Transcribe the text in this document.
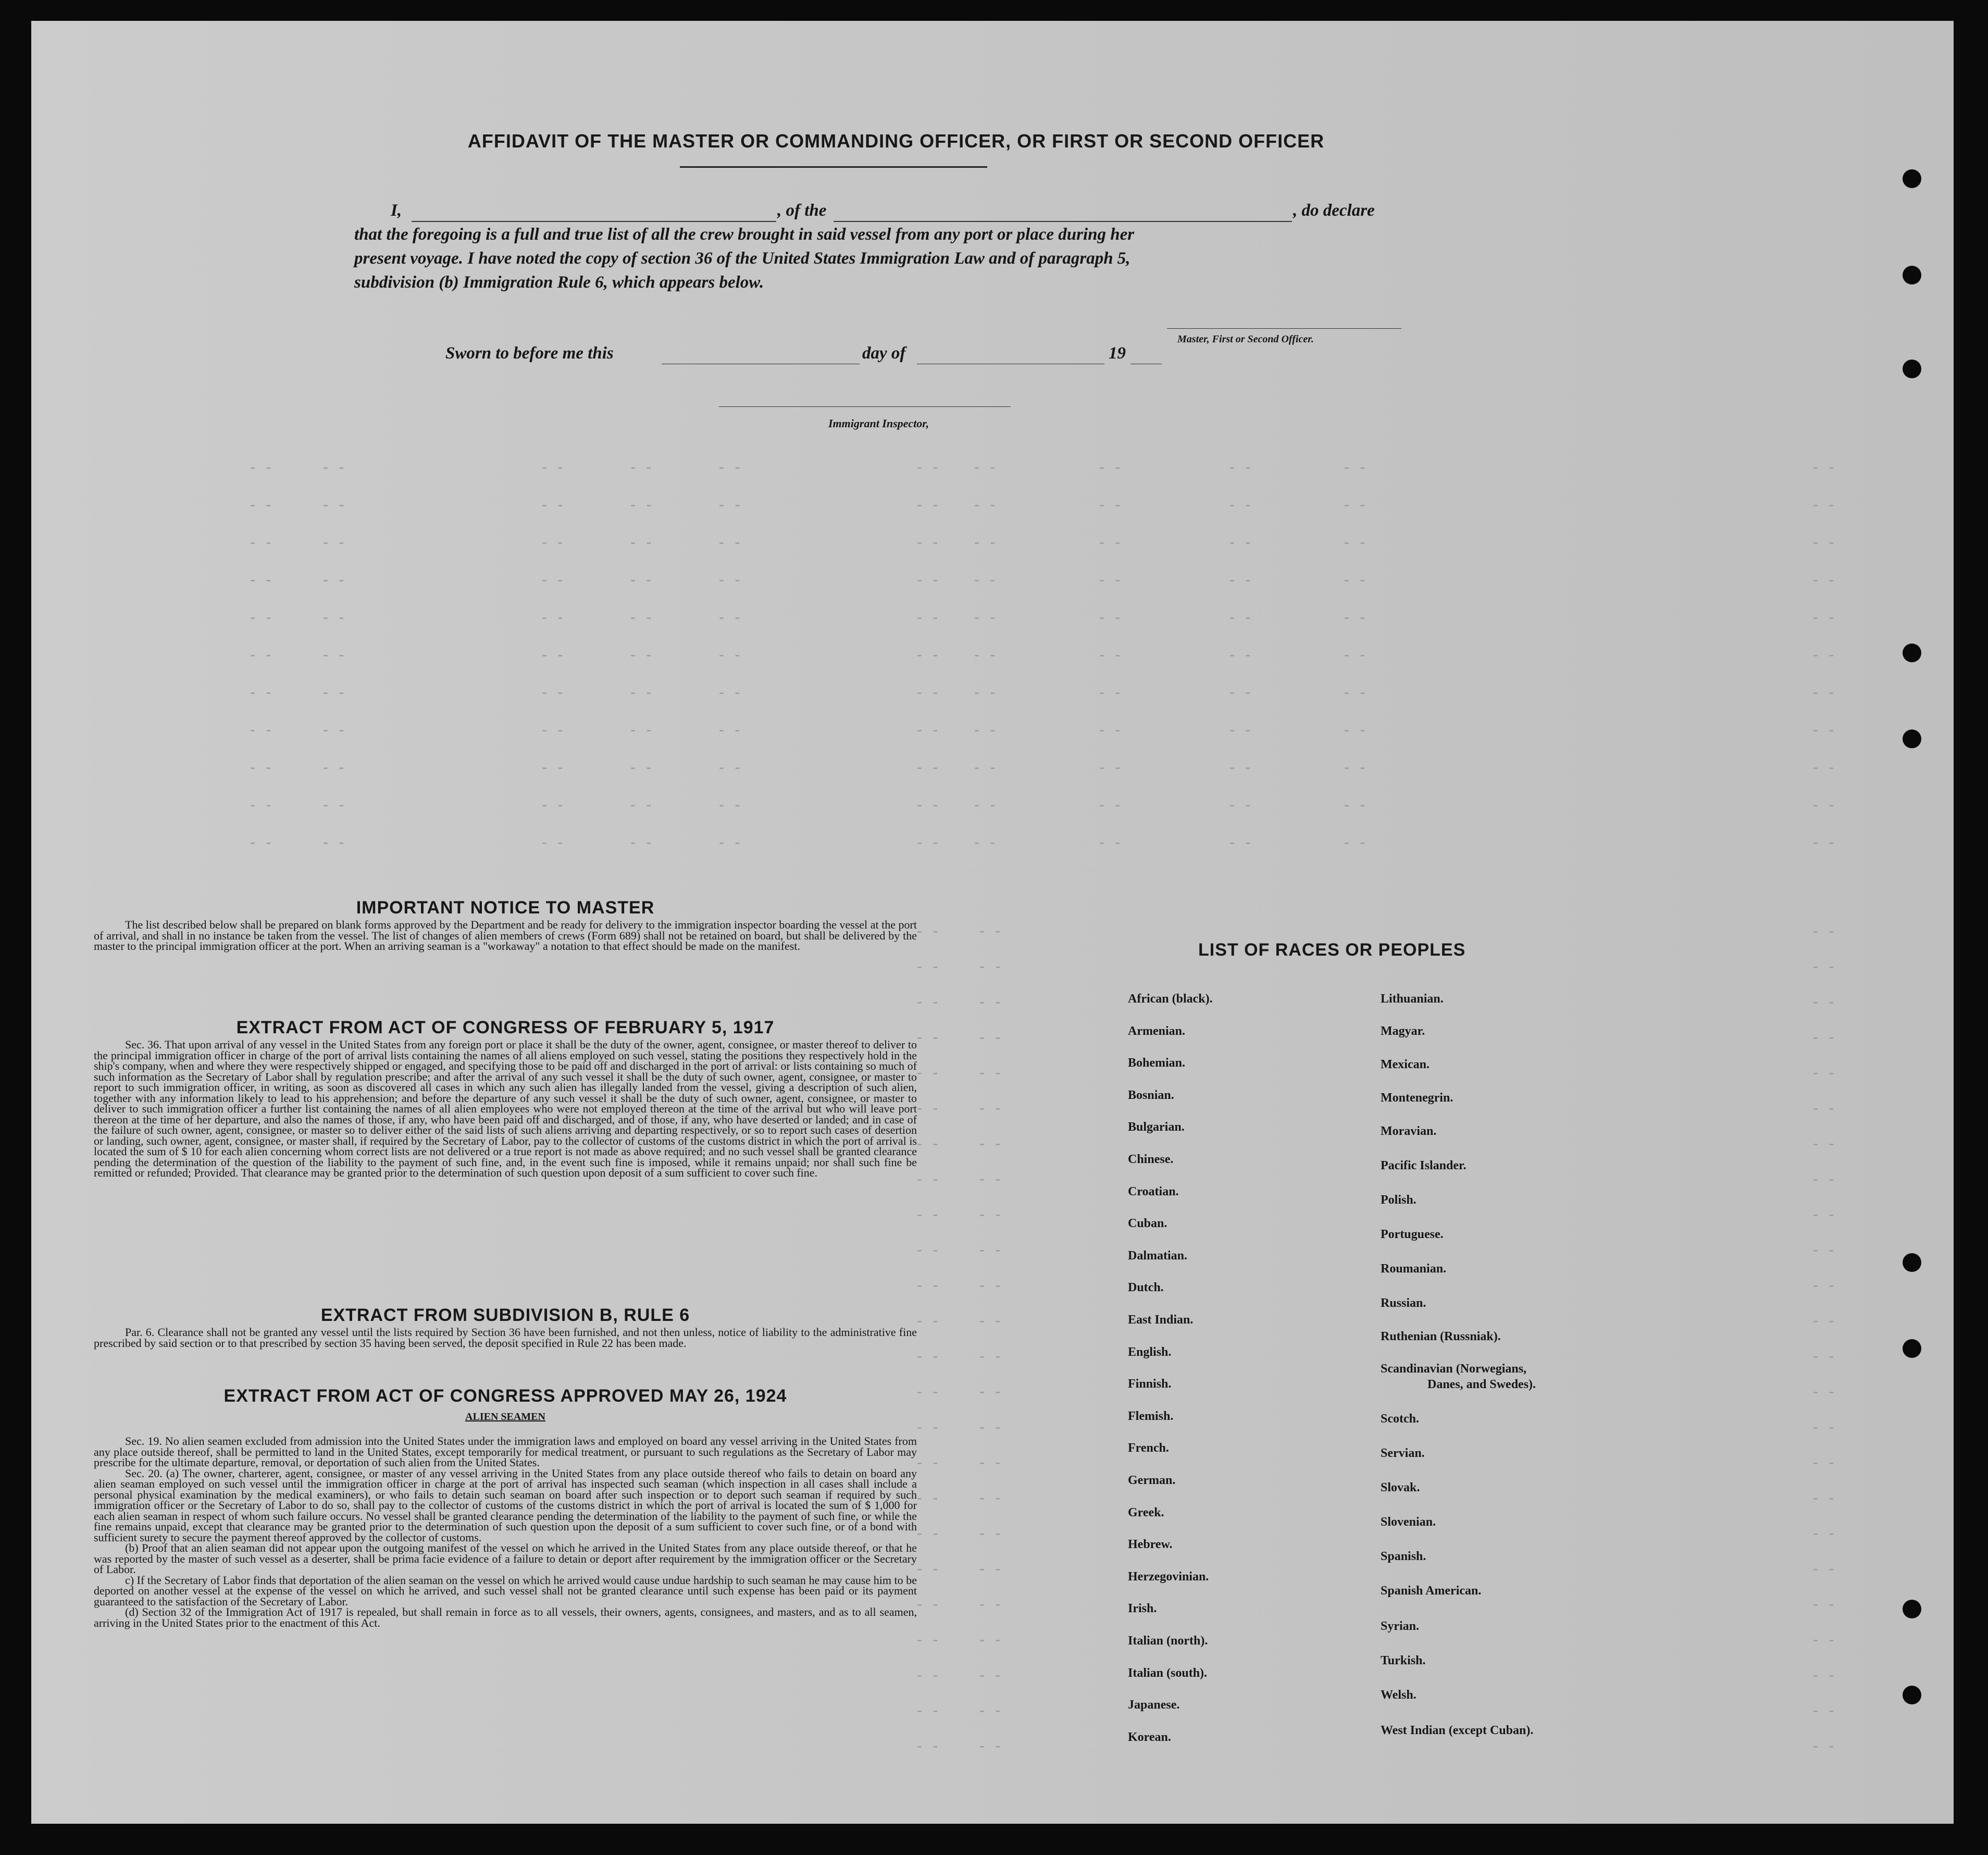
- -	- -	- -	- -	- -	- - - -	- -	- -	- -	- -
- -	- -	- -	- -	- -	- - - -	- -	- -	- -	- -
- -	- -	- -	- -	- -	- - - -	- -	- -	- -	- -
- -	- -	- -	- -	- -	- - - -	- -	- -	- -	- -
- -	- -	- -	- -	- -	- - - -	- -	- -	- -	- -
- -	- -	- -	- -	- -	- - - -	- -	- -	- -	- -
- -	- -	- -	- -	- -	- - - -	- -	- -	- -	- -
- -	- -	- -	- -	- -	- - - -	- -	- -	- -	- -
- -	- -	- -	- -	- -	- - - -	- -	- -	- -	- -
- -	- -	- -	- -	- -	- - - -	- -	- -	- -	- -
- -	- -	- -	- -	- -	- - - -	- -	- -	- -	- -
- - - -	- -
- - - -	- -
- - - -	- -
- - - -	- -
- - - -	- -
- - - -	- -
- - - -	- -
- - - -	- -
- - - -	- -
- - - -	- -
- - - -	- -
- - - -	- -
- - - -	- -
- - - -	- -
- - - -	- -
- - - -	- -
- - - -	- -
- - - -	- -
- - - -	- -
- - - -	- -
- - - -	- -
- - - -	- -
- - - -	- -
- - - -	- -
AFFIDAVIT OF THE MASTER OR COMMANDING OFFICER, OR FIRST OR SECOND OFFICER
I,	, of the	, do declare
that the foregoing is a full and true list of all the crew brought in said vessel from any port or place during her
present voyage. I have noted the copy of section 36 of the United States Immigration Law and of paragraph 5,
subdivision (b) Immigration Rule 6, which appears below.
Master, First or Second Officer.
Sworn to before me this	day of	19
Immigrant Inspector,
IMPORTANT NOTICE TO MASTER

The list described below shall be prepared on blank forms approved by the Department and be ready for delivery to the immigration inspector boarding the vessel at the port of arrival, and shall in no instance be taken from the vessel. The list of changes of alien members of crews (Form 689) shall not be retained on board, but shall be delivered by the master to the principal immigration officer at the port. When an arriving seaman is a "workaway" a notation to that effect should be made on the manifest.

EXTRACT FROM ACT OF CONGRESS OF FEBRUARY 5, 1917

Sec. 36. That upon arrival of any vessel in the United States from any foreign port or place it shall be the duty of the owner, agent, consignee, or master thereof to deliver to the principal immigration officer in charge of the port of arrival lists containing the names of all aliens employed on such vessel, stating the positions they respectively hold in the ship's company, when and where they were respectively shipped or engaged, and specifying those to be paid off and discharged in the port of arrival: or lists containing so much of such information as the Secretary of Labor shall by regulation prescribe; and after the arrival of any such vessel it shall be the duty of such owner, agent, consignee, or master to report to such immigration officer, in writing, as soon as discovered all cases in which any such alien has illegally landed from the vessel, giving a description of such alien, together with any information likely to lead to his apprehension; and before the departure of any such vessel it shall be the duty of such owner, agent, consignee, or master to deliver to such immigration officer a further list containing the names of all alien employees who were not employed thereon at the time of the arrival but who will leave port thereon at the time of her departure, and also the names of those, if any, who have been paid off and discharged, and of those, if any, who have deserted or landed; and in case of the failure of such owner, agent, consignee, or master so to deliver either of the said lists of such aliens arriving and departing respectively, or so to report such cases of desertion or landing, such owner, agent, consignee, or master shall, if required by the Secretary of Labor, pay to the collector of customs of the customs district in which the port of arrival is located the sum of $ 10 for each alien concerning whom correct lists are not delivered or a true report is not made as above required; and no such vessel shall be granted clearance pending the determination of the question of the liability to the payment of such fine, and, in the event such fine is imposed, while it remains unpaid; nor shall such fine be remitted or refunded; Provided. That clearance may be granted prior to the determination of such question upon deposit of a sum sufficient to cover such fine.

EXTRACT FROM SUBDIVISION B, RULE 6

Par. 6. Clearance shall not be granted any vessel until the lists required by Section 36 have been furnished, and not then unless, notice of liability to the administrative fine prescribed by said section or to that prescribed by section 35 having been served, the deposit specified in Rule 22 has been made.

EXTRACT FROM ACT OF CONGRESS APPROVED MAY 26, 1924
ALIEN SEAMEN

Sec. 19. No alien seamen excluded from admission into the United States under the immigration laws and employed on board any vessel arriving in the United States from any place outside thereof, shall be permitted to land in the United States, except temporarily for medical treatment, or pursuant to such regulations as the Secretary of Labor may prescribe for the ultimate departure, removal, or deportation of such alien from the United States.

Sec. 20. (a) The owner, charterer, agent, consignee, or master of any vessel arriving in the United States from any place outside thereof who fails to detain on board any alien seaman employed on such vessel until the immigration officer in charge at the port of arrival has inspected such seaman (which inspection in all cases shall include a personal physical examination by the medical examiners), or who fails to detain such seaman on board after such inspection or to deport such seaman if required by such immigration officer or the Secretary of Labor to do so, shall pay to the collector of customs of the customs district in which the port of arrival is located the sum of $ 1,000 for each alien seaman in respect of whom such failure occurs. No vessel shall be granted clearance pending the determination of the liability to the payment of such fine, or while the fine remains unpaid, except that clearance may be granted prior to the determination of such question upon the deposit of a sum sufficient to cover such fine, or of a bond with sufficient surety to secure the payment thereof approved by the collector of customs.

(b) Proof that an alien seaman did not appear upon the outgoing manifest of the vessel on which he arrived in the United States from any place outside thereof, or that he was reported by the master of such vessel as a deserter, shall be prima facie evidence of a failure to detain or deport after requirement by the immigration officer or the Secretary of Labor.

c) If the Secretary of Labor finds that deportation of the alien seaman on the vessel on which he arrived would cause undue hardship to such seaman he may cause him to be deported on another vessel at the expense of the vessel on which he arrived, and such vessel shall not be granted clearance until such expense has been paid or its payment guaranteed to the satisfaction of the Secretary of Labor.

(d) Section 32 of the Immigration Act of 1917 is repealed, but shall remain in force as to all vessels, their owners, agents, consignees, and masters, and as to all seamen, arriving in the United States prior to the enactment of this Act.

LIST OF RACES OR PEOPLES
African (black).
Armenian.
Bohemian.
Bosnian.
Bulgarian.
Chinese.
Croatian.
Cuban.
Dalmatian.
Dutch.
East Indian.
English.
Finnish.
Flemish.
French.
German.
Greek.
Hebrew.
Herzegovinian.
Irish.
Italian (north).
Italian (south).
Japanese.
Korean.
Lithuanian.
Magyar.
Mexican.
Montenegrin.
Moravian.
Pacific Islander.
Polish.
Portuguese.
Roumanian.
Russian.
Ruthenian (Russniak).
Scandinavian (Norwegians,
Danes, and Swedes).
Scotch.
Servian.
Slovak.
Slovenian.
Spanish.
Spanish American.
Syrian.
Turkish.
Welsh.
West Indian (except Cuban).
